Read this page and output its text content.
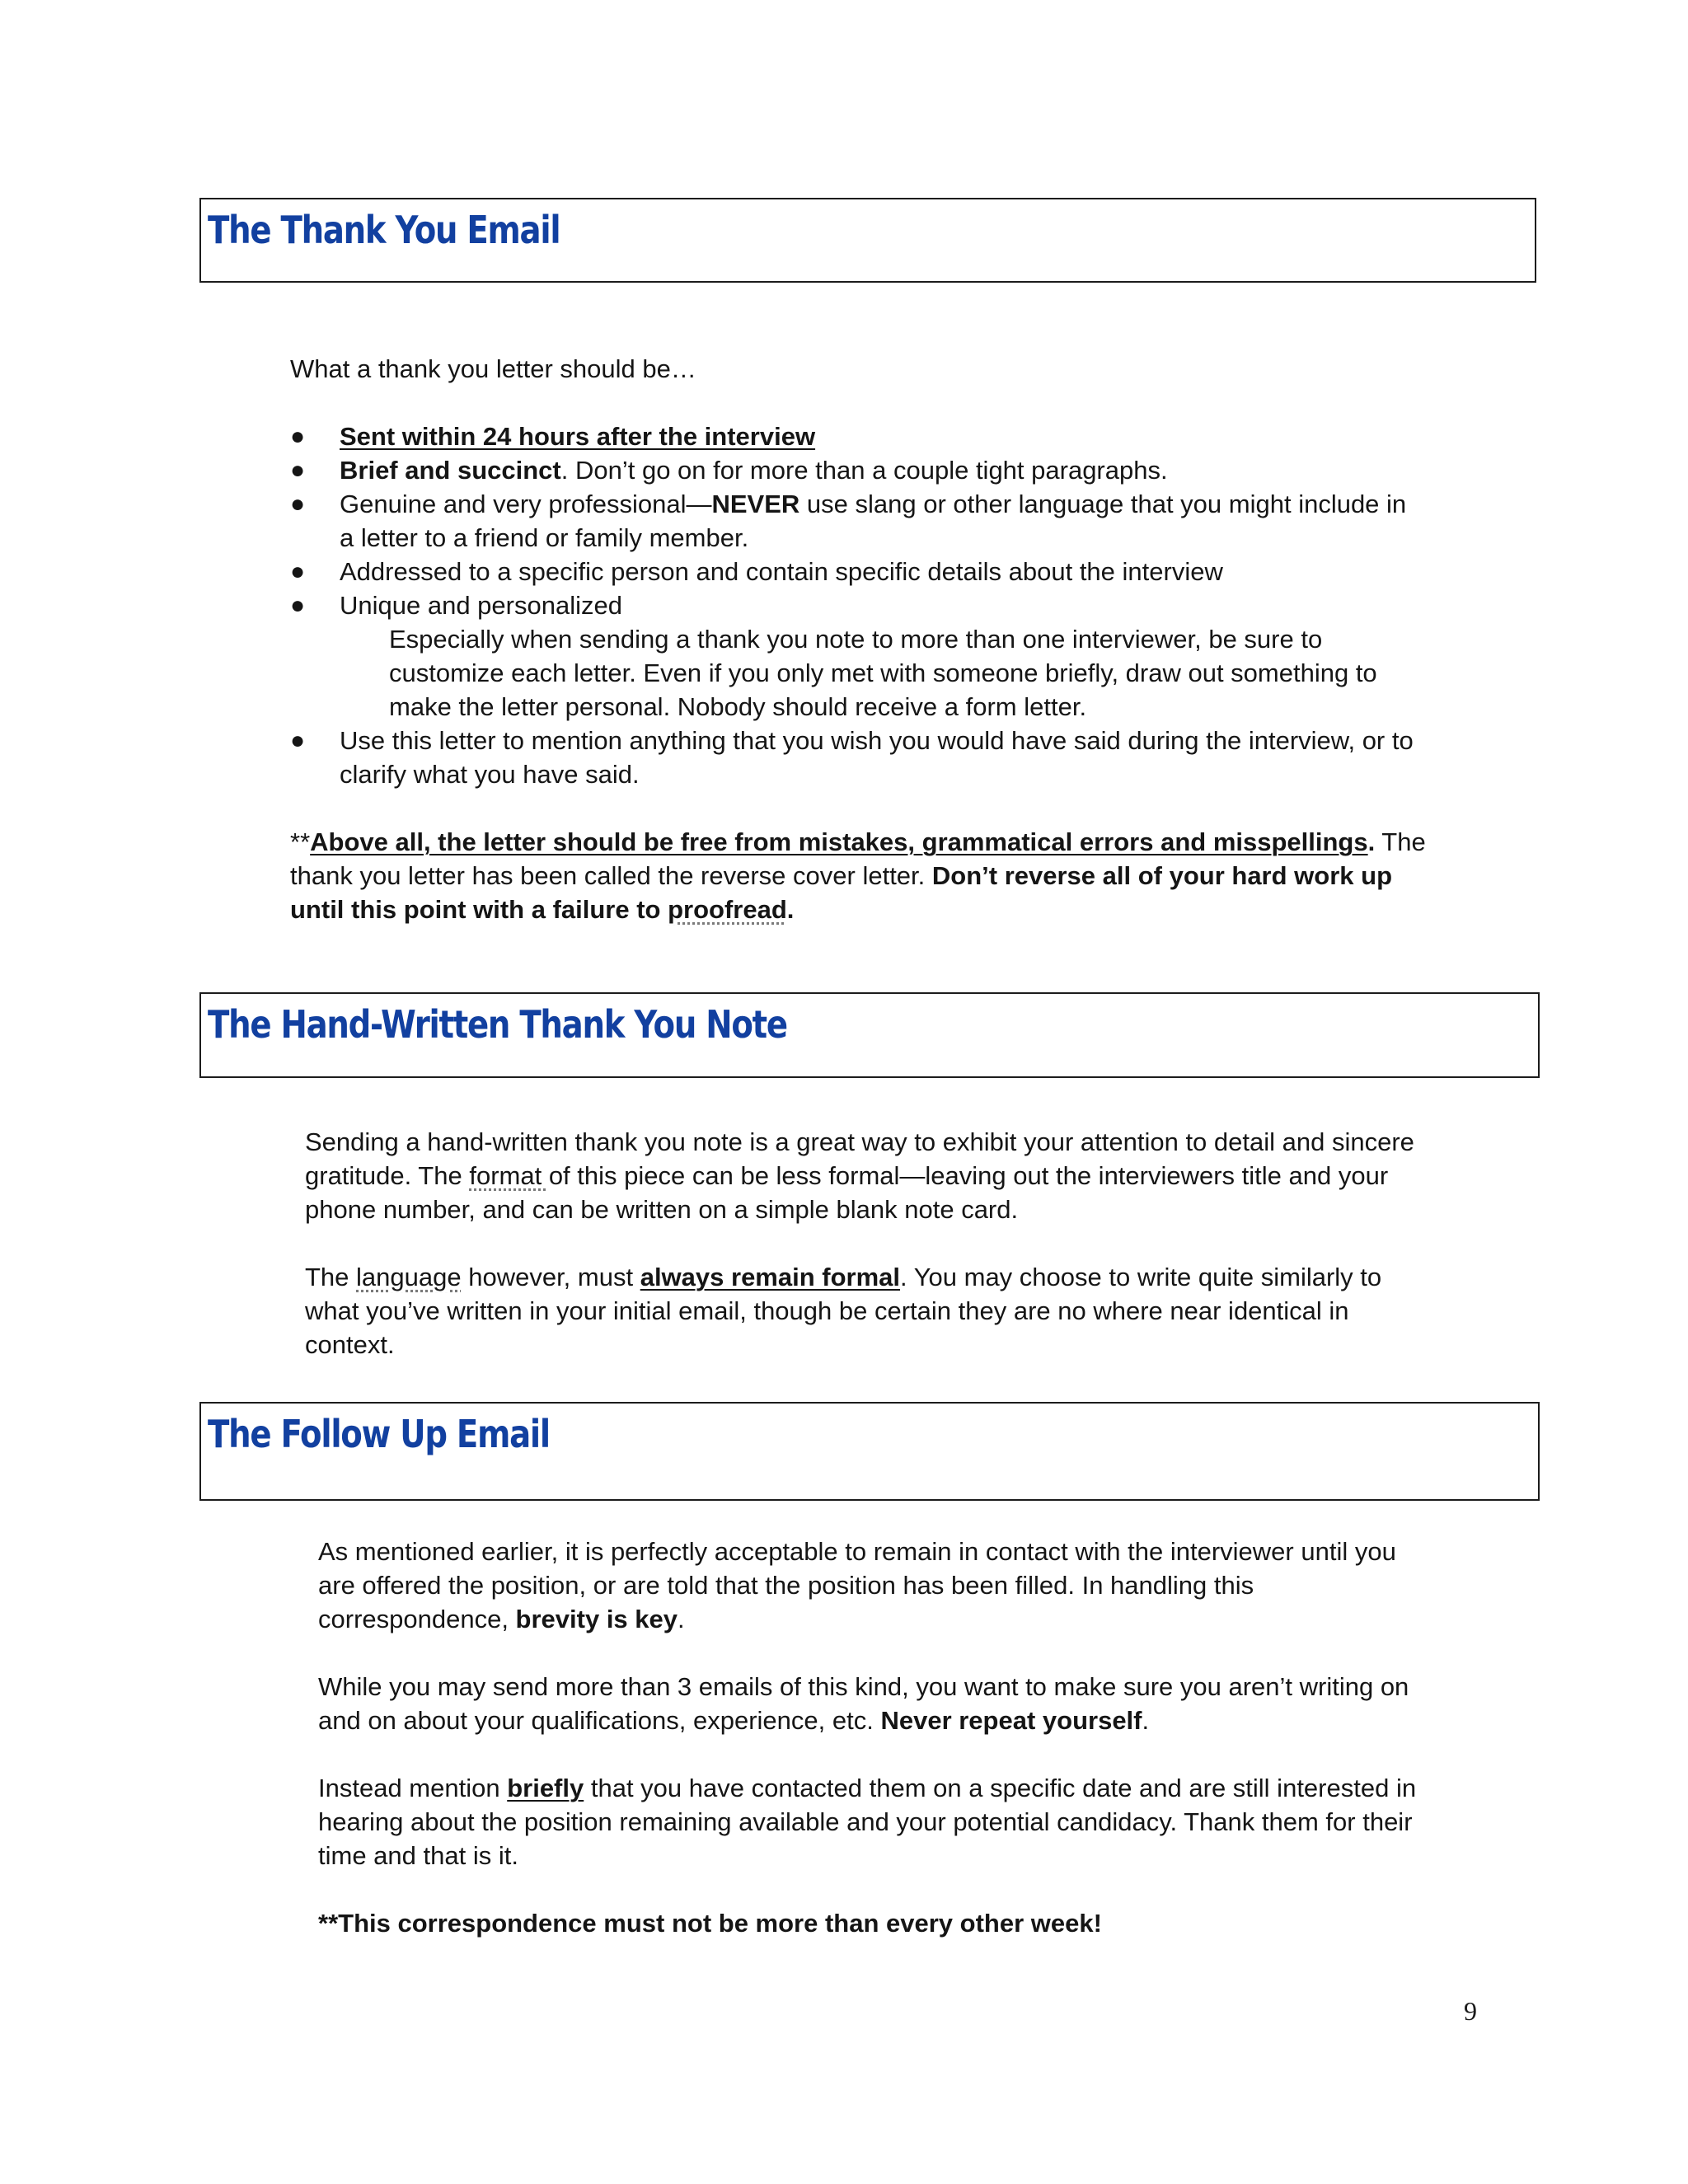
The Thank You Email

What a thank you letter should be…

● Sent within 24 hours after the interview
● Brief and succinct. Don’t go on for more than a couple tight paragraphs.
● Genuine and very professional—NEVER use slang or other language that you might include in a letter to a friend or family member.
● Addressed to a specific person and contain specific details about the interview
● Unique and personalized
Especially when sending a thank you note to more than one interviewer, be sure to customize each letter. Even if you only met with someone briefly, draw out something to make the letter personal. Nobody should receive a form letter.
● Use this letter to mention anything that you wish you would have said during the interview, or to clarify what you have said.

**Above all, the letter should be free from mistakes, grammatical errors and misspellings. The thank you letter has been called the reverse cover letter. Don’t reverse all of your hard work up until this point with a failure to proofread.

The Hand-Written Thank You Note

Sending a hand-written thank you note is a great way to exhibit your attention to detail and sincere gratitude. The format of this piece can be less formal—leaving out the interviewers title and your phone number, and can be written on a simple blank note card.

The language however, must always remain formal. You may choose to write quite similarly to what you’ve written in your initial email, though be certain they are no where near identical in context.

The Follow Up Email

As mentioned earlier, it is perfectly acceptable to remain in contact with the interviewer until you are offered the position, or are told that the position has been filled. In handling this correspondence, brevity is key.

While you may send more than 3 emails of this kind, you want to make sure you aren’t writing on and on about your qualifications, experience, etc. Never repeat yourself.

Instead mention briefly that you have contacted them on a specific date and are still interested in hearing about the position remaining available and your potential candidacy. Thank them for their time and that is it.

**This correspondence must not be more than every other week!

9
